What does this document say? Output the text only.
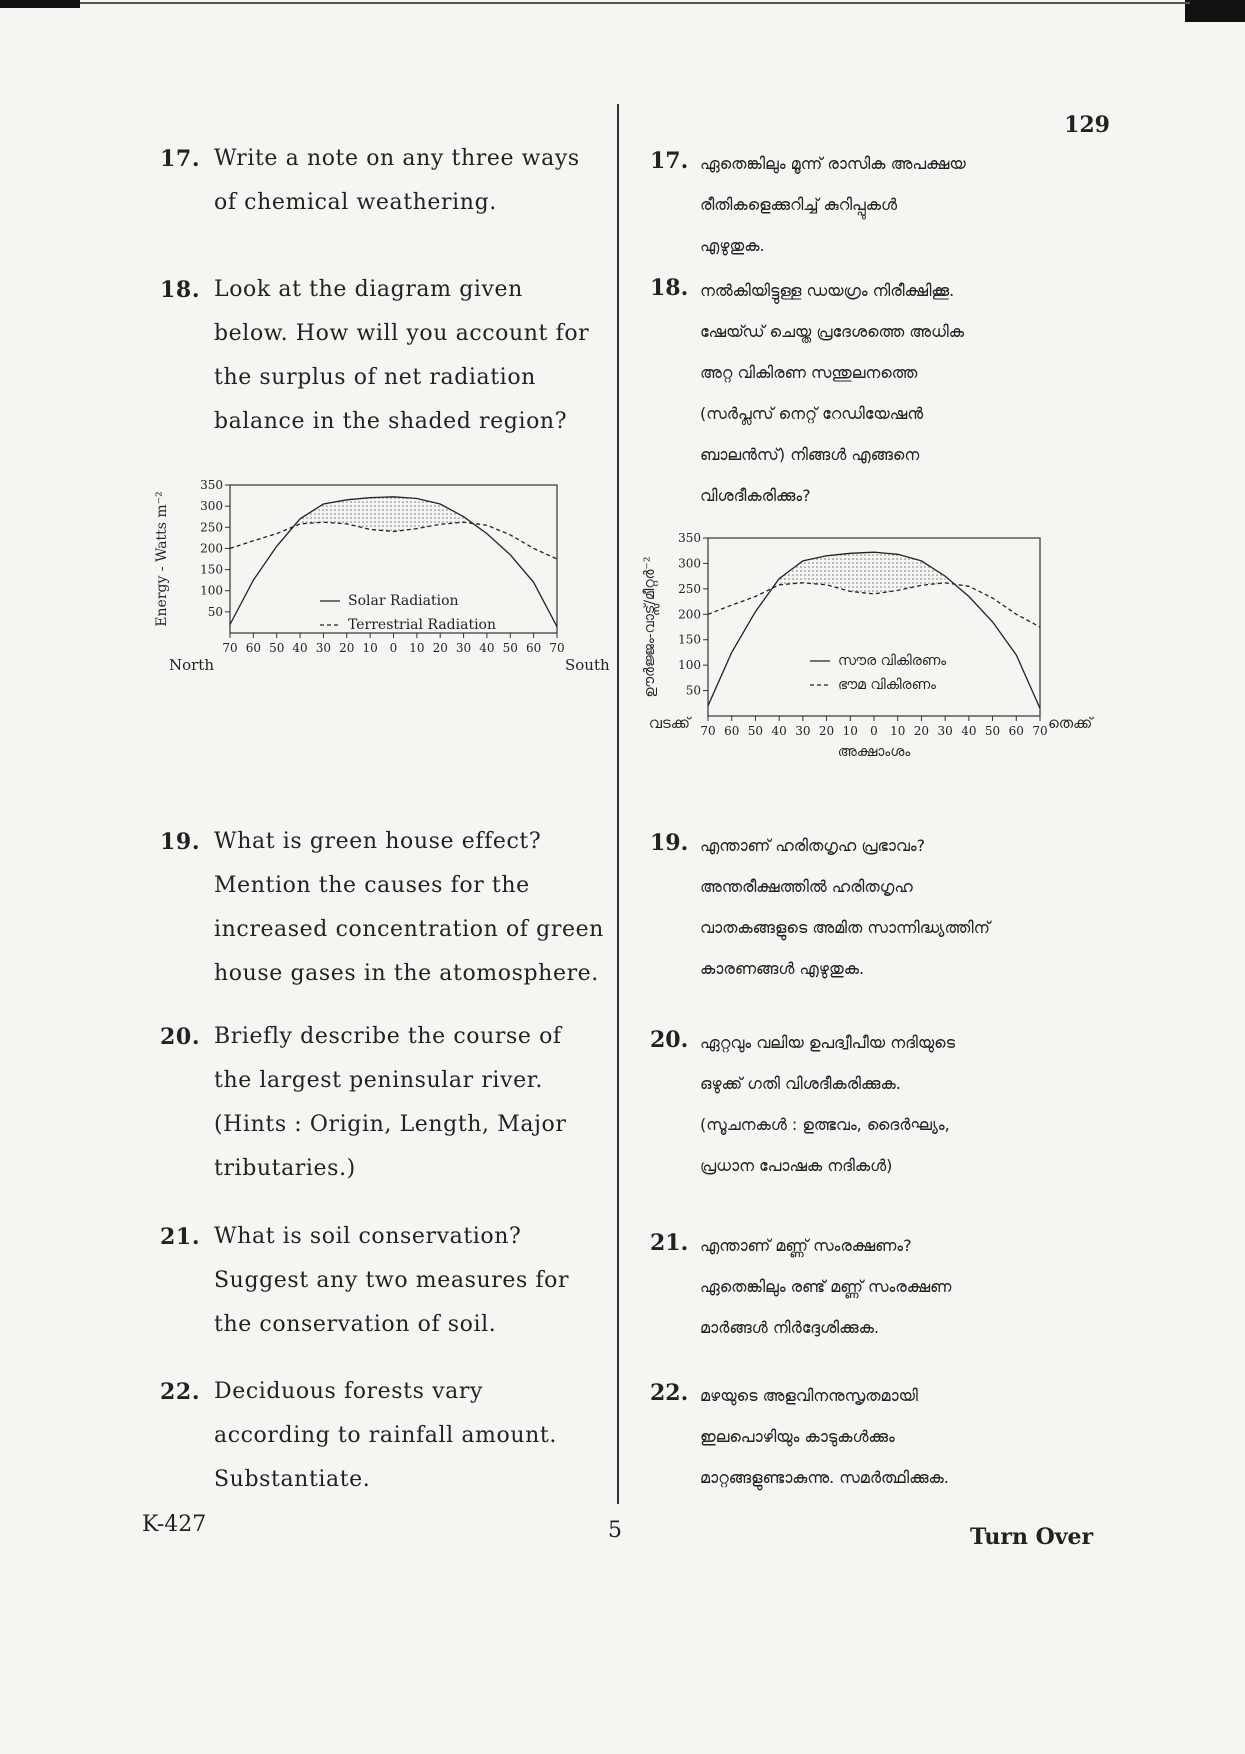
129
17. Write a note on any three ways
of chemical weathering.
18. Look at the diagram given
below. How will you account for
the surplus of net radiation
balance in the shaded region?
19. What is green house effect?
Mention the causes for the
increased concentration of green
house gases in the atomosphere.
20. Briefly describe the course of
the largest peninsular river.
(Hints : Origin, Length, Major
tributaries.)
21. What is soil conservation?
Suggest any two measures for
the conservation of soil.
22. Deciduous forests vary
according to rainfall amount.
Substantiate.
17. ഏതെങ്കിലും മൂന്ന് രാസിക അപക്ഷയ
രീതികളെക്കുറിച്ച് കുറിപ്പുകൾ
എഴുതുക.
18. നൽകിയിട്ടുള്ള ഡയഗ്രം നിരീക്ഷിക്കൂ.
ഷേയ്ഡ് ചെയ്ത പ്രദേശത്തെ അധിക
അറ്റ വികിരണ സന്തുലനത്തെ
(സർപ്ലസ് നെറ്റ് റേഡിയേഷൻ
ബാലൻസ്) നിങ്ങൾ എങ്ങനെ
വിശദീകരിക്കും?
19. എന്താണ് ഹരിതഗൃഹ പ്രഭാവം?
അന്തരീക്ഷത്തിൽ ഹരിതഗൃഹ
വാതകങ്ങളുടെ അമിത സാന്നിദ്ധ്യത്തിന്
കാരണങ്ങൾ എഴുതുക.
20. ഏറ്റവും വലിയ ഉപദ്വീപീയ നദിയുടെ
ഒഴുക്ക് ഗതി വിശദീകരിക്കുക.
(സൂചനകൾ : ഉത്ഭവം, ദൈർഘ്യം,
പ്രധാന പോഷക നദികൾ)
21. എന്താണ് മണ്ണ് സംരക്ഷണം?
ഏതെങ്കിലും രണ്ട് മണ്ണ് സംരക്ഷണ
മാർങ്ങൾ നിർദ്ദേശിക്കുക.
22. മഴയുടെ അളവിനനുസൃതമായി
ഇലപൊഴിയും കാടുകൾക്കും
മാറ്റങ്ങളുണ്ടാകുന്നു. സമർത്ഥിക്കുക.
350
300
250
200
150
100
50
70 60 50 40 30 20 10 0 10 20 30 40 50 60 70
Solar Radiation
Terrestrial Radiation
Energy - Watts m⁻²
North	South
350
300
250
200
150
100
50
70 60 50 40 30 20 10 0 10 20 30 40 50 60 70
സൗര വികിരണം
ഭൗമ വികിരണം
ഊർജ്ജം-വാട്സ്/മീറ്റർ⁻²
വടക്ക്	തെക്ക്
അക്ഷാംശം
K-427	5	Turn Over
